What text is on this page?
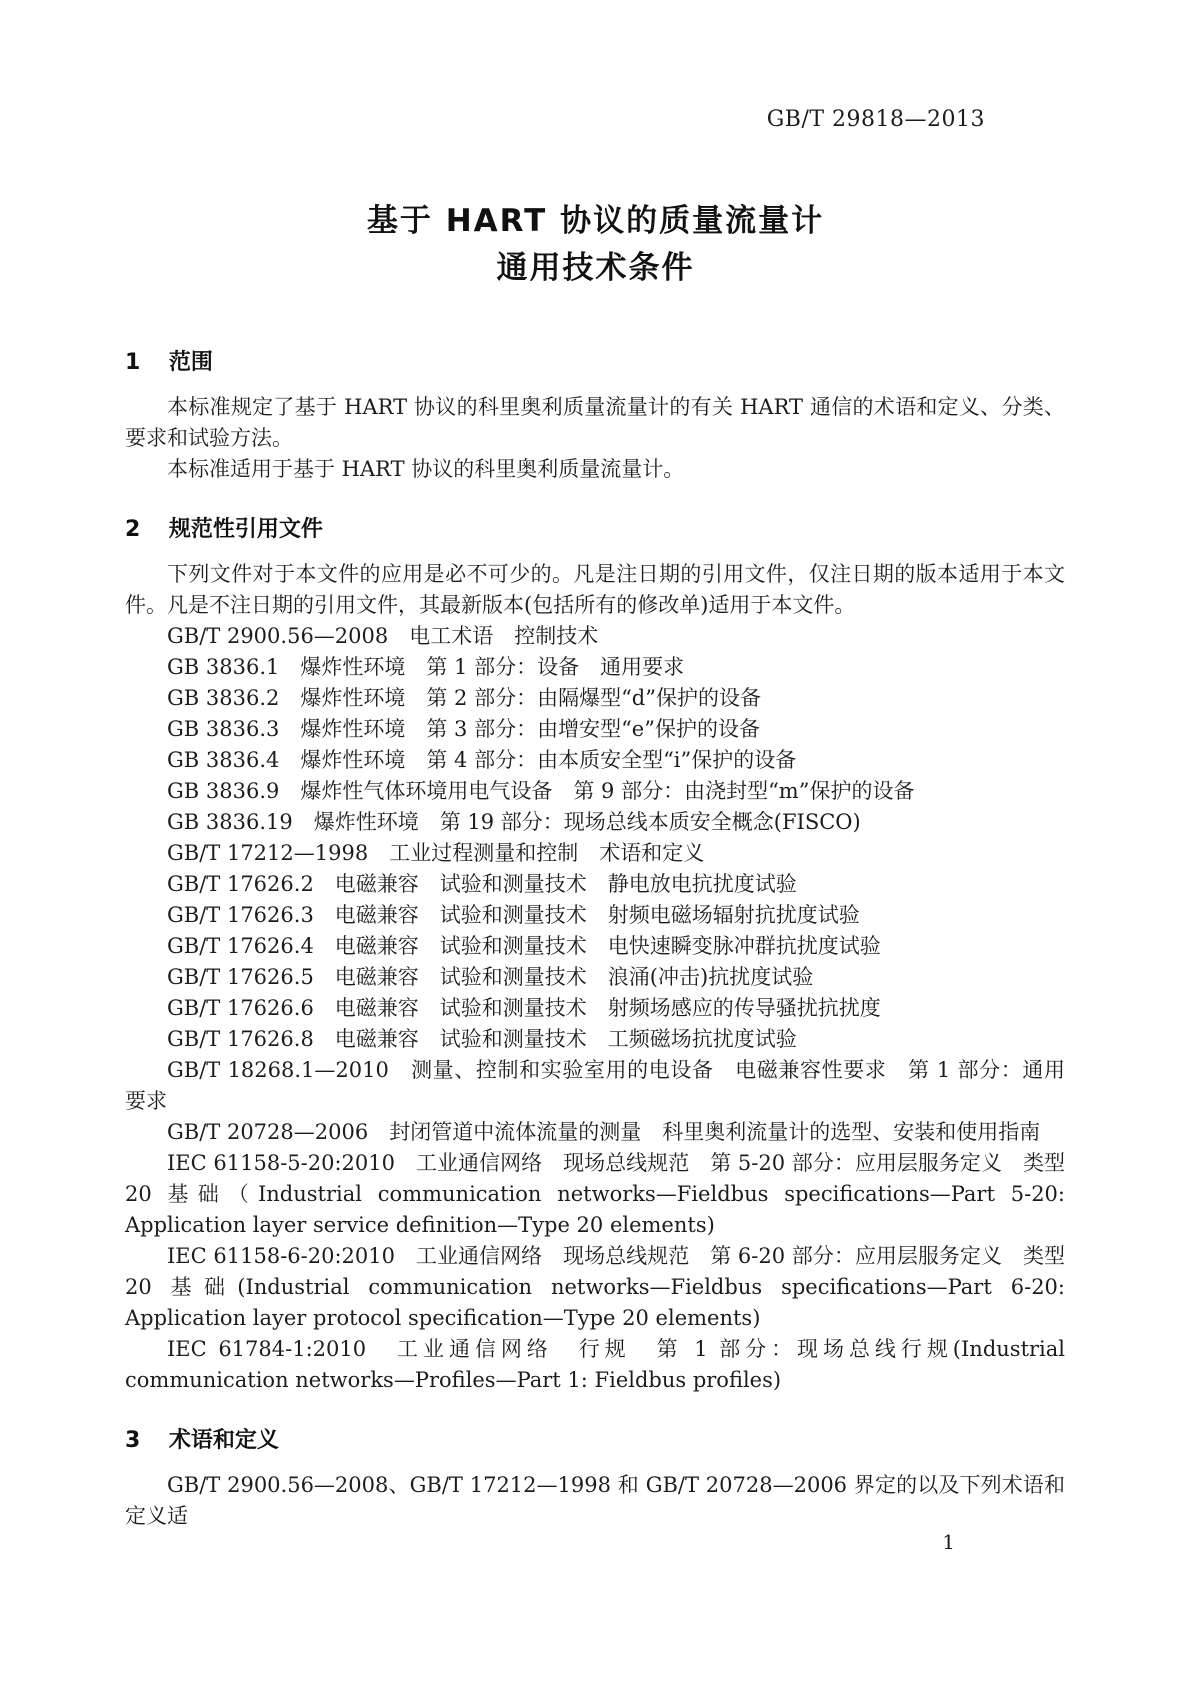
GB/T 29818—2013
基于 HART 协议的质量流量计
通用技术条件
1 范围

本标准规定了基于 HART 协议的科里奥利质量流量计的有关 HART 通信的术语和定义、分类、要求和试验方法。

本标准适用于基于 HART 协议的科里奥利质量流量计。

2 规范性引用文件

下列文件对于本文件的应用是必不可少的。凡是注日期的引用文件，仅注日期的版本适用于本文件。凡是不注日期的引用文件，其最新版本(包括所有的修改单)适用于本文件。

GB/T 2900.56—2008　电工术语　控制技术

GB 3836.1　爆炸性环境　第 1 部分：设备　通用要求

GB 3836.2　爆炸性环境　第 2 部分：由隔爆型“d”保护的设备

GB 3836.3　爆炸性环境　第 3 部分：由增安型“e”保护的设备

GB 3836.4　爆炸性环境　第 4 部分：由本质安全型“i”保护的设备

GB 3836.9　爆炸性气体环境用电气设备　第 9 部分：由浇封型“m”保护的设备

GB 3836.19　爆炸性环境　第 19 部分：现场总线本质安全概念(FISCO)

GB/T 17212—1998　工业过程测量和控制　术语和定义

GB/T 17626.2　电磁兼容　试验和测量技术　静电放电抗扰度试验

GB/T 17626.3　电磁兼容　试验和测量技术　射频电磁场辐射抗扰度试验

GB/T 17626.4　电磁兼容　试验和测量技术　电快速瞬变脉冲群抗扰度试验

GB/T 17626.5　电磁兼容　试验和测量技术　浪涌(冲击)抗扰度试验

GB/T 17626.6　电磁兼容　试验和测量技术　射频场感应的传导骚扰抗扰度

GB/T 17626.8　电磁兼容　试验和测量技术　工频磁场抗扰度试验

GB/T 18268.1—2010　测量、控制和实验室用的电设备　电磁兼容性要求　第 1 部分：通用要求

GB/T 20728—2006　封闭管道中流体流量的测量　科里奥利流量计的选型、安装和使用指南

IEC 61158-5-20:2010　工业通信网络　现场总线规范　第 5-20 部分：应用层服务定义　类型 20 基础（Industrial communication networks—Fieldbus specifications—Part 5-20: Application layer service definition—Type 20 elements)

IEC 61158-6-20:2010　工业通信网络　现场总线规范　第 6-20 部分：应用层服务定义　类型 20 基础(Industrial communication networks—Fieldbus specifications—Part 6-20: Application layer protocol specification—Type 20 elements)

IEC 61784-1:2010　工业通信网络　行规　第 1 部分：现场总线行规(Industrial communication networks—Profiles—Part 1: Fieldbus profiles)

3 术语和定义

GB/T 2900.56—2008、GB/T 17212—1998 和 GB/T 20728—2006 界定的以及下列术语和定义适

1
